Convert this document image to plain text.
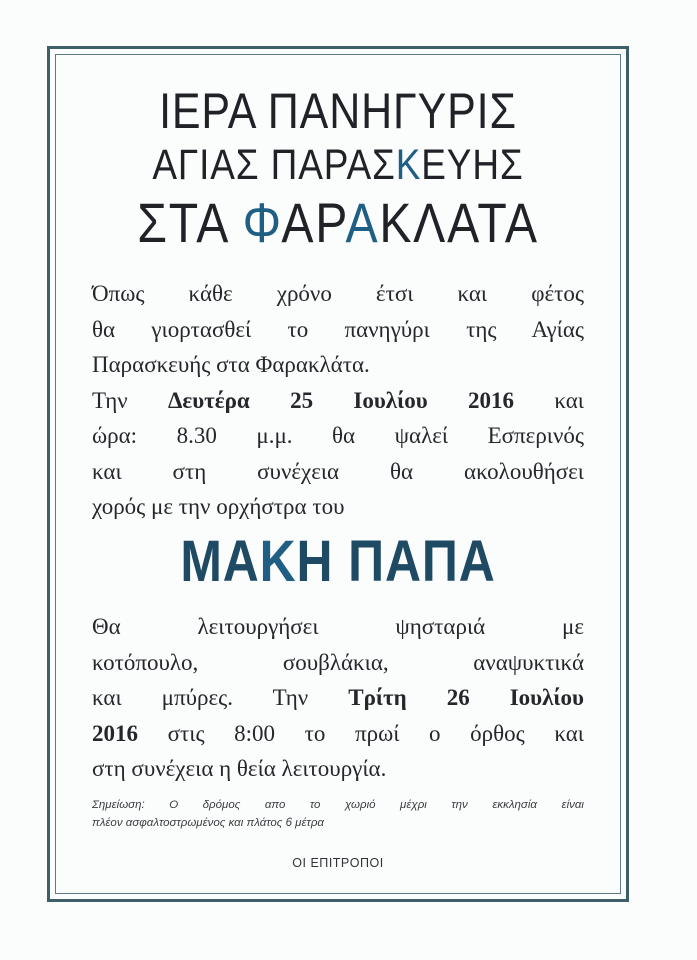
ΙΕΡΑ ΠΑΝΗΓΥΡΙΣ
ΑΓΙΑΣ ΠΑΡΑΣΚΕΥΗΣ
ΣΤΑ ΦΑΡΑΚΛΑΤΑ
Όπως κάθε χρόνο έτσι και φέτος
θα γιορτασθεί το πανηγύρι της Αγίας
Παρασκευής στα Φαρακλάτα.
Την Δευτέρα 25 Ιουλίου 2016 και
ώρα: 8.30 μ.μ. θα ψαλεί Εσπερινός
και στη συνέχεια θα ακολουθήσει
χορός με την ορχήστρα του
ΜΑΚΗ ΠΑΠΑ
Θα λειτουργήσει ψησταριά με
κοτόπουλο, σουβλάκια, αναψυκτικά
και μπύρες. Την Τρίτη 26 Ιουλίου
2016 στις 8:00 το πρωί ο όρθος και
στη συνέχεια η θεία λειτουργία.
Σημείωση: Ο δρόμος απο το χωριό μέχρι την εκκλησία είναι
πλέον ασφαλτοστρωμένος και πλάτος 6 μέτρα
ΟΙ ΕΠΙΤΡΟΠΟΙ
